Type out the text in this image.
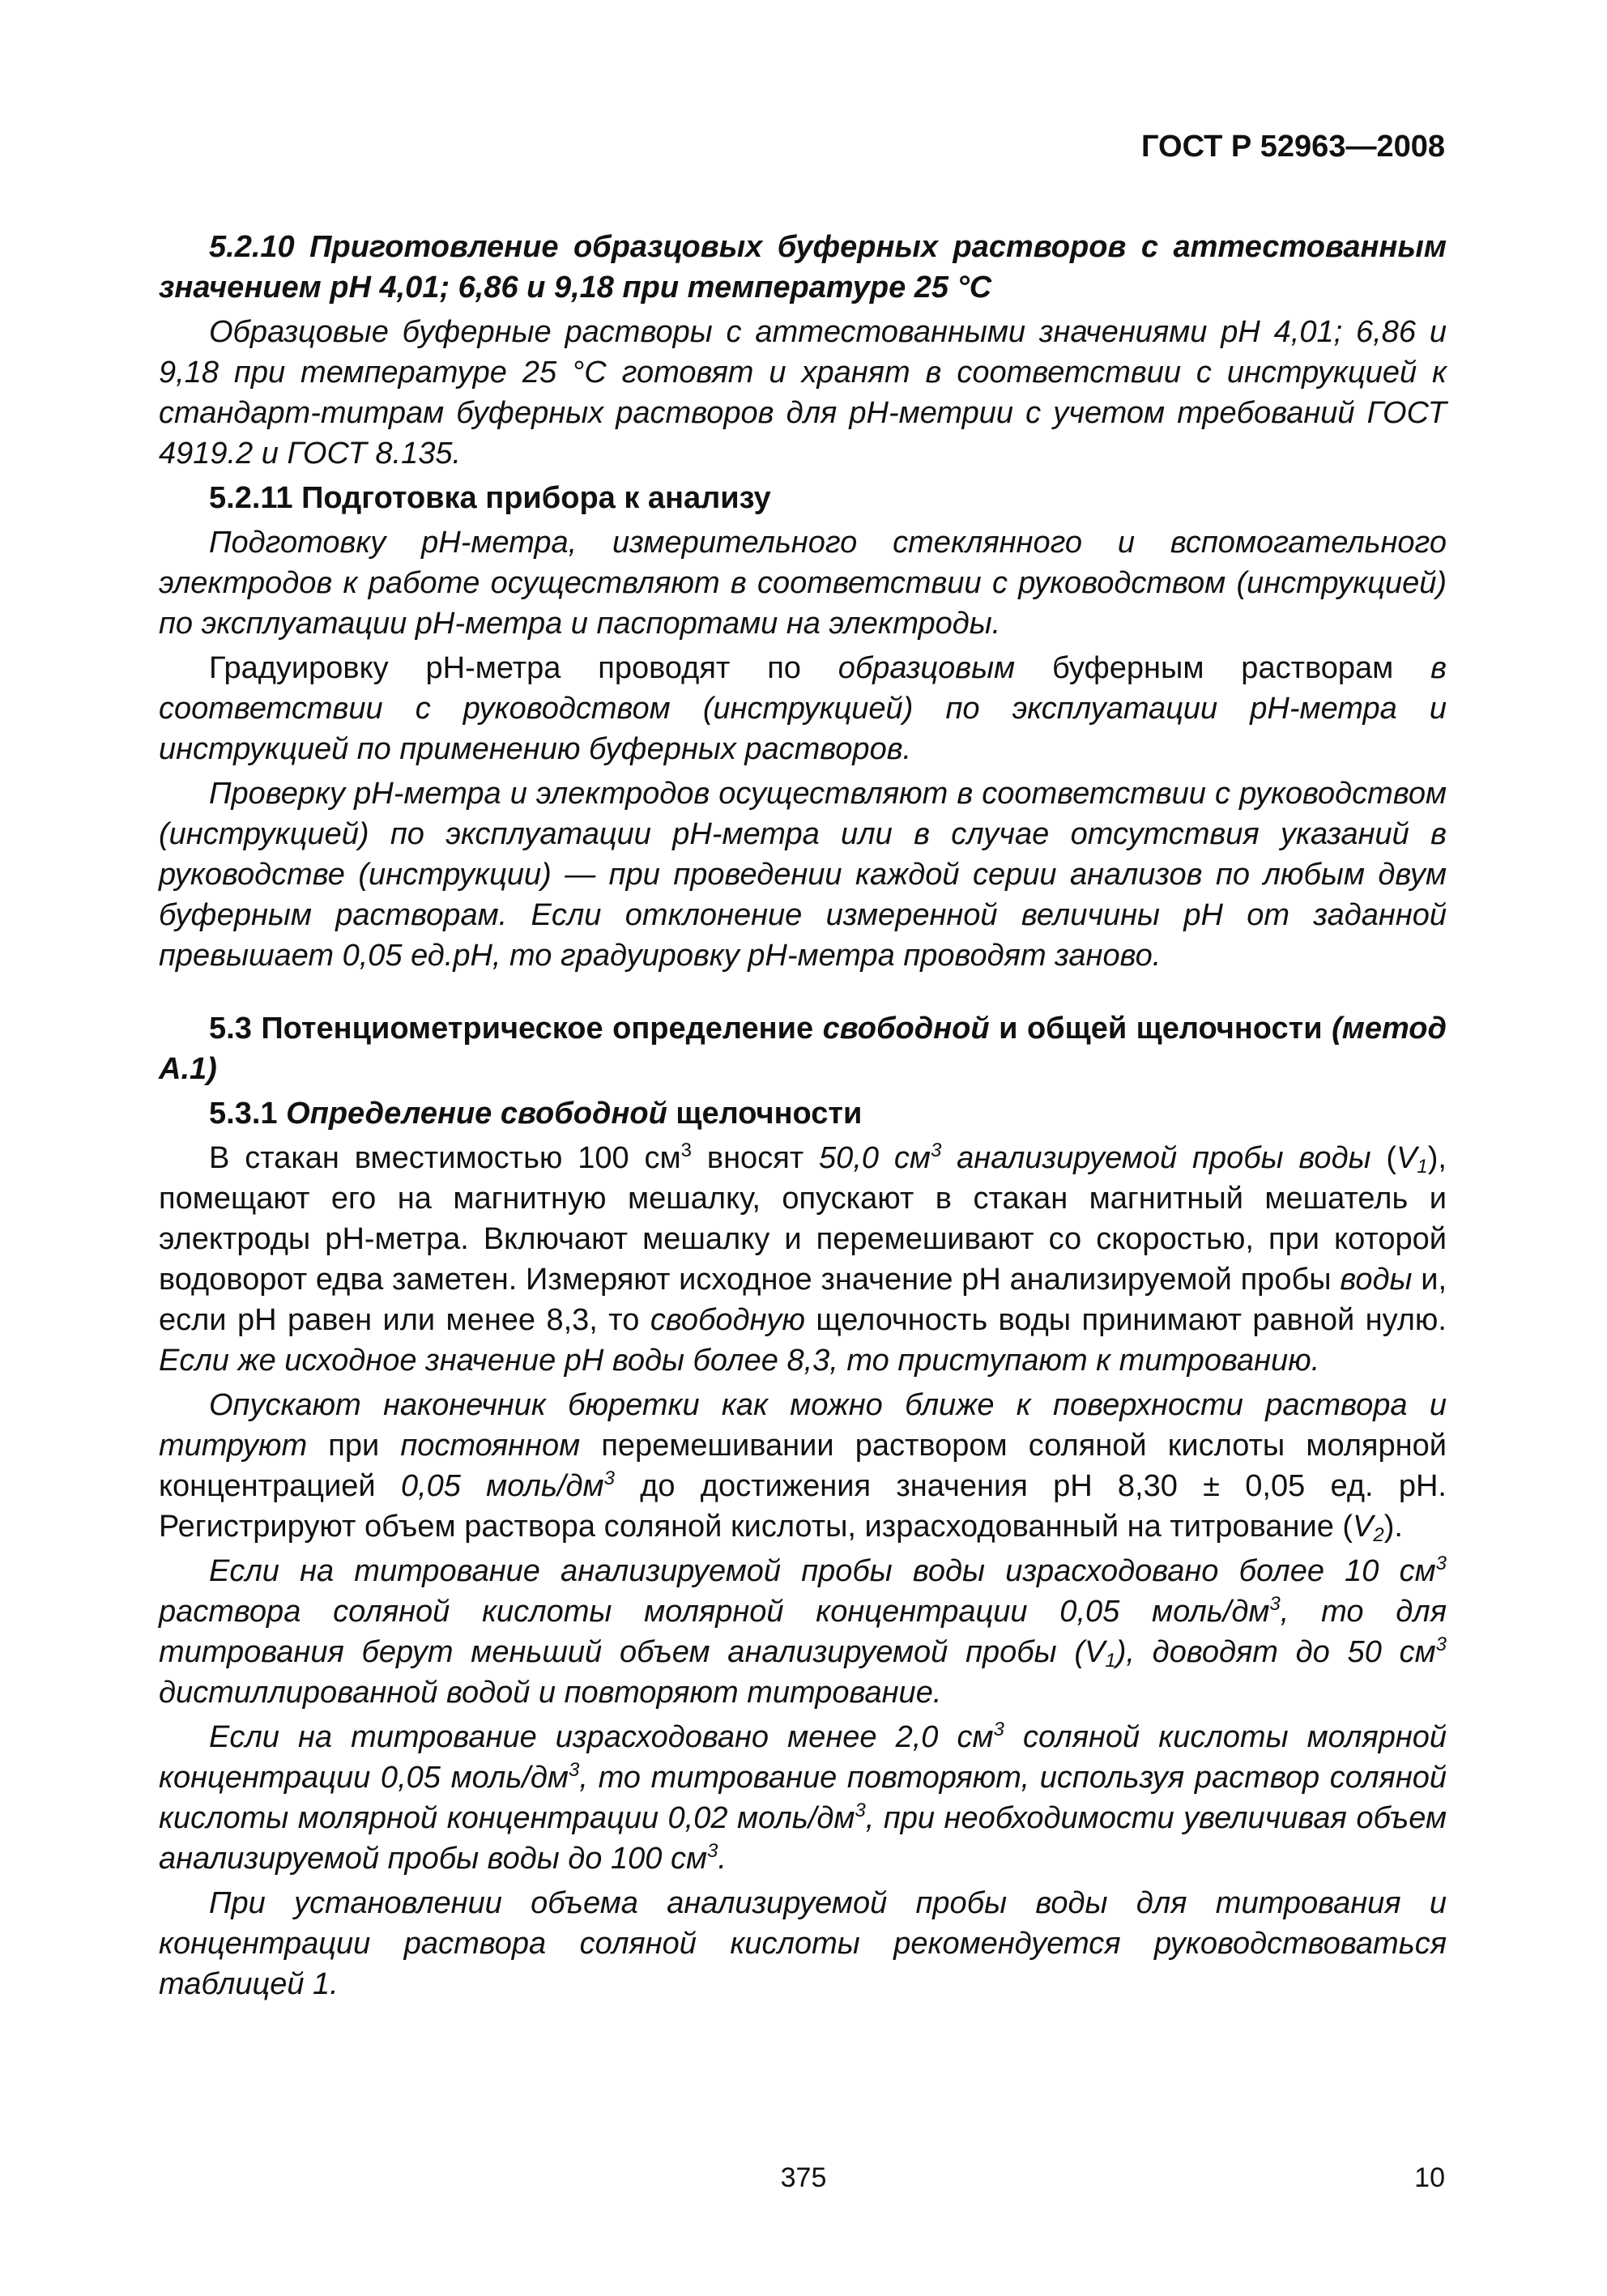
ГОСТ Р 52963—2008

5.2.10 Приготовление образцовых буферных растворов с аттестованным значением рН 4,01; 6,86 и 9,18 при температуре 25 °С

Образцовые буферные растворы с аттестованными значениями рН 4,01; 6,86 и 9,18 при температуре 25 °С готовят и хранят в соответствии с инструкцией к стандарт-титрам буферных растворов для рН-метрии с учетом требований ГОСТ 4919.2 и ГОСТ 8.135.

5.2.11 Подготовка прибора к анализу

Подготовку рН-метра, измерительного стеклянного и вспомогательного электродов к работе осуществляют в соответствии с руководством (инструкцией) по эксплуатации рН-метра и паспортами на электроды.

Градуировку рН-метра проводят по образцовым буферным растворам в соответствии с руководством (инструкцией) по эксплуатации рН-метра и инструкцией по применению буферных растворов.

Проверку рН-метра и электродов осуществляют в соответствии с руководством (инструкцией) по эксплуатации рН-метра или в случае отсутствия указаний в руководстве (инструкции) — при проведении каждой серии анализов по любым двум буферным растворам. Если отклонение измеренной величины рН от заданной превышает 0,05 ед.рН, то градуировку рН-метра проводят заново.

5.3 Потенциометрическое определение свободной и общей щелочности (метод А.1)

5.3.1 Определение свободной щелочности

В стакан вместимостью 100 $см^3$ вносят 50,0 $см^3$ анализируемой пробы воды $(V_1)$, помещают его на магнитную мешалку, опускают в стакан магнитный мешатель и электроды рН-метра. Включают мешалку и перемешивают со скоростью, при которой водоворот едва заметен. Измеряют исходное значение рН анализируемой пробы воды и, если рН равен или менее 8,3, то свободную щелочность воды принимают равной нулю. Если же исходное значение рН воды более 8,3, то приступают к титрованию.

Опускают наконечник бюретки как можно ближе к поверхности раствора и титруют при постоянном перемешивании раствором соляной кислоты молярной концентрацией 0,05 моль/$дм^3$ до достижения значения рН 8,30 ± 0,05 ед. рН. Регистрируют объем раствора соляной кислоты, израсходованный на титрование $(V_2)$.

Если на титрование анализируемой пробы воды израсходовано более 10 $см^3$ раствора соляной кислоты молярной концентрации 0,05 моль/$дм^3$, то для титрования берут меньший объем анализируемой пробы $(V_1)$, доводят до 50 $см^3$ дистиллированной водой и повторяют титрование.

Если на титрование израсходовано менее 2,0 $см^3$ соляной кислоты молярной концентрации 0,05 моль/$дм^3$, то титрование повторяют, используя раствор соляной кислоты молярной концентрации 0,02 моль/$дм^3$, при необходимости увеличивая объем анализируемой пробы воды до 100 $см^3$.

При установлении объема анализируемой пробы воды для титрования и концентрации раствора соляной кислоты рекомендуется руководствоваться таблицей 1.

375	10
